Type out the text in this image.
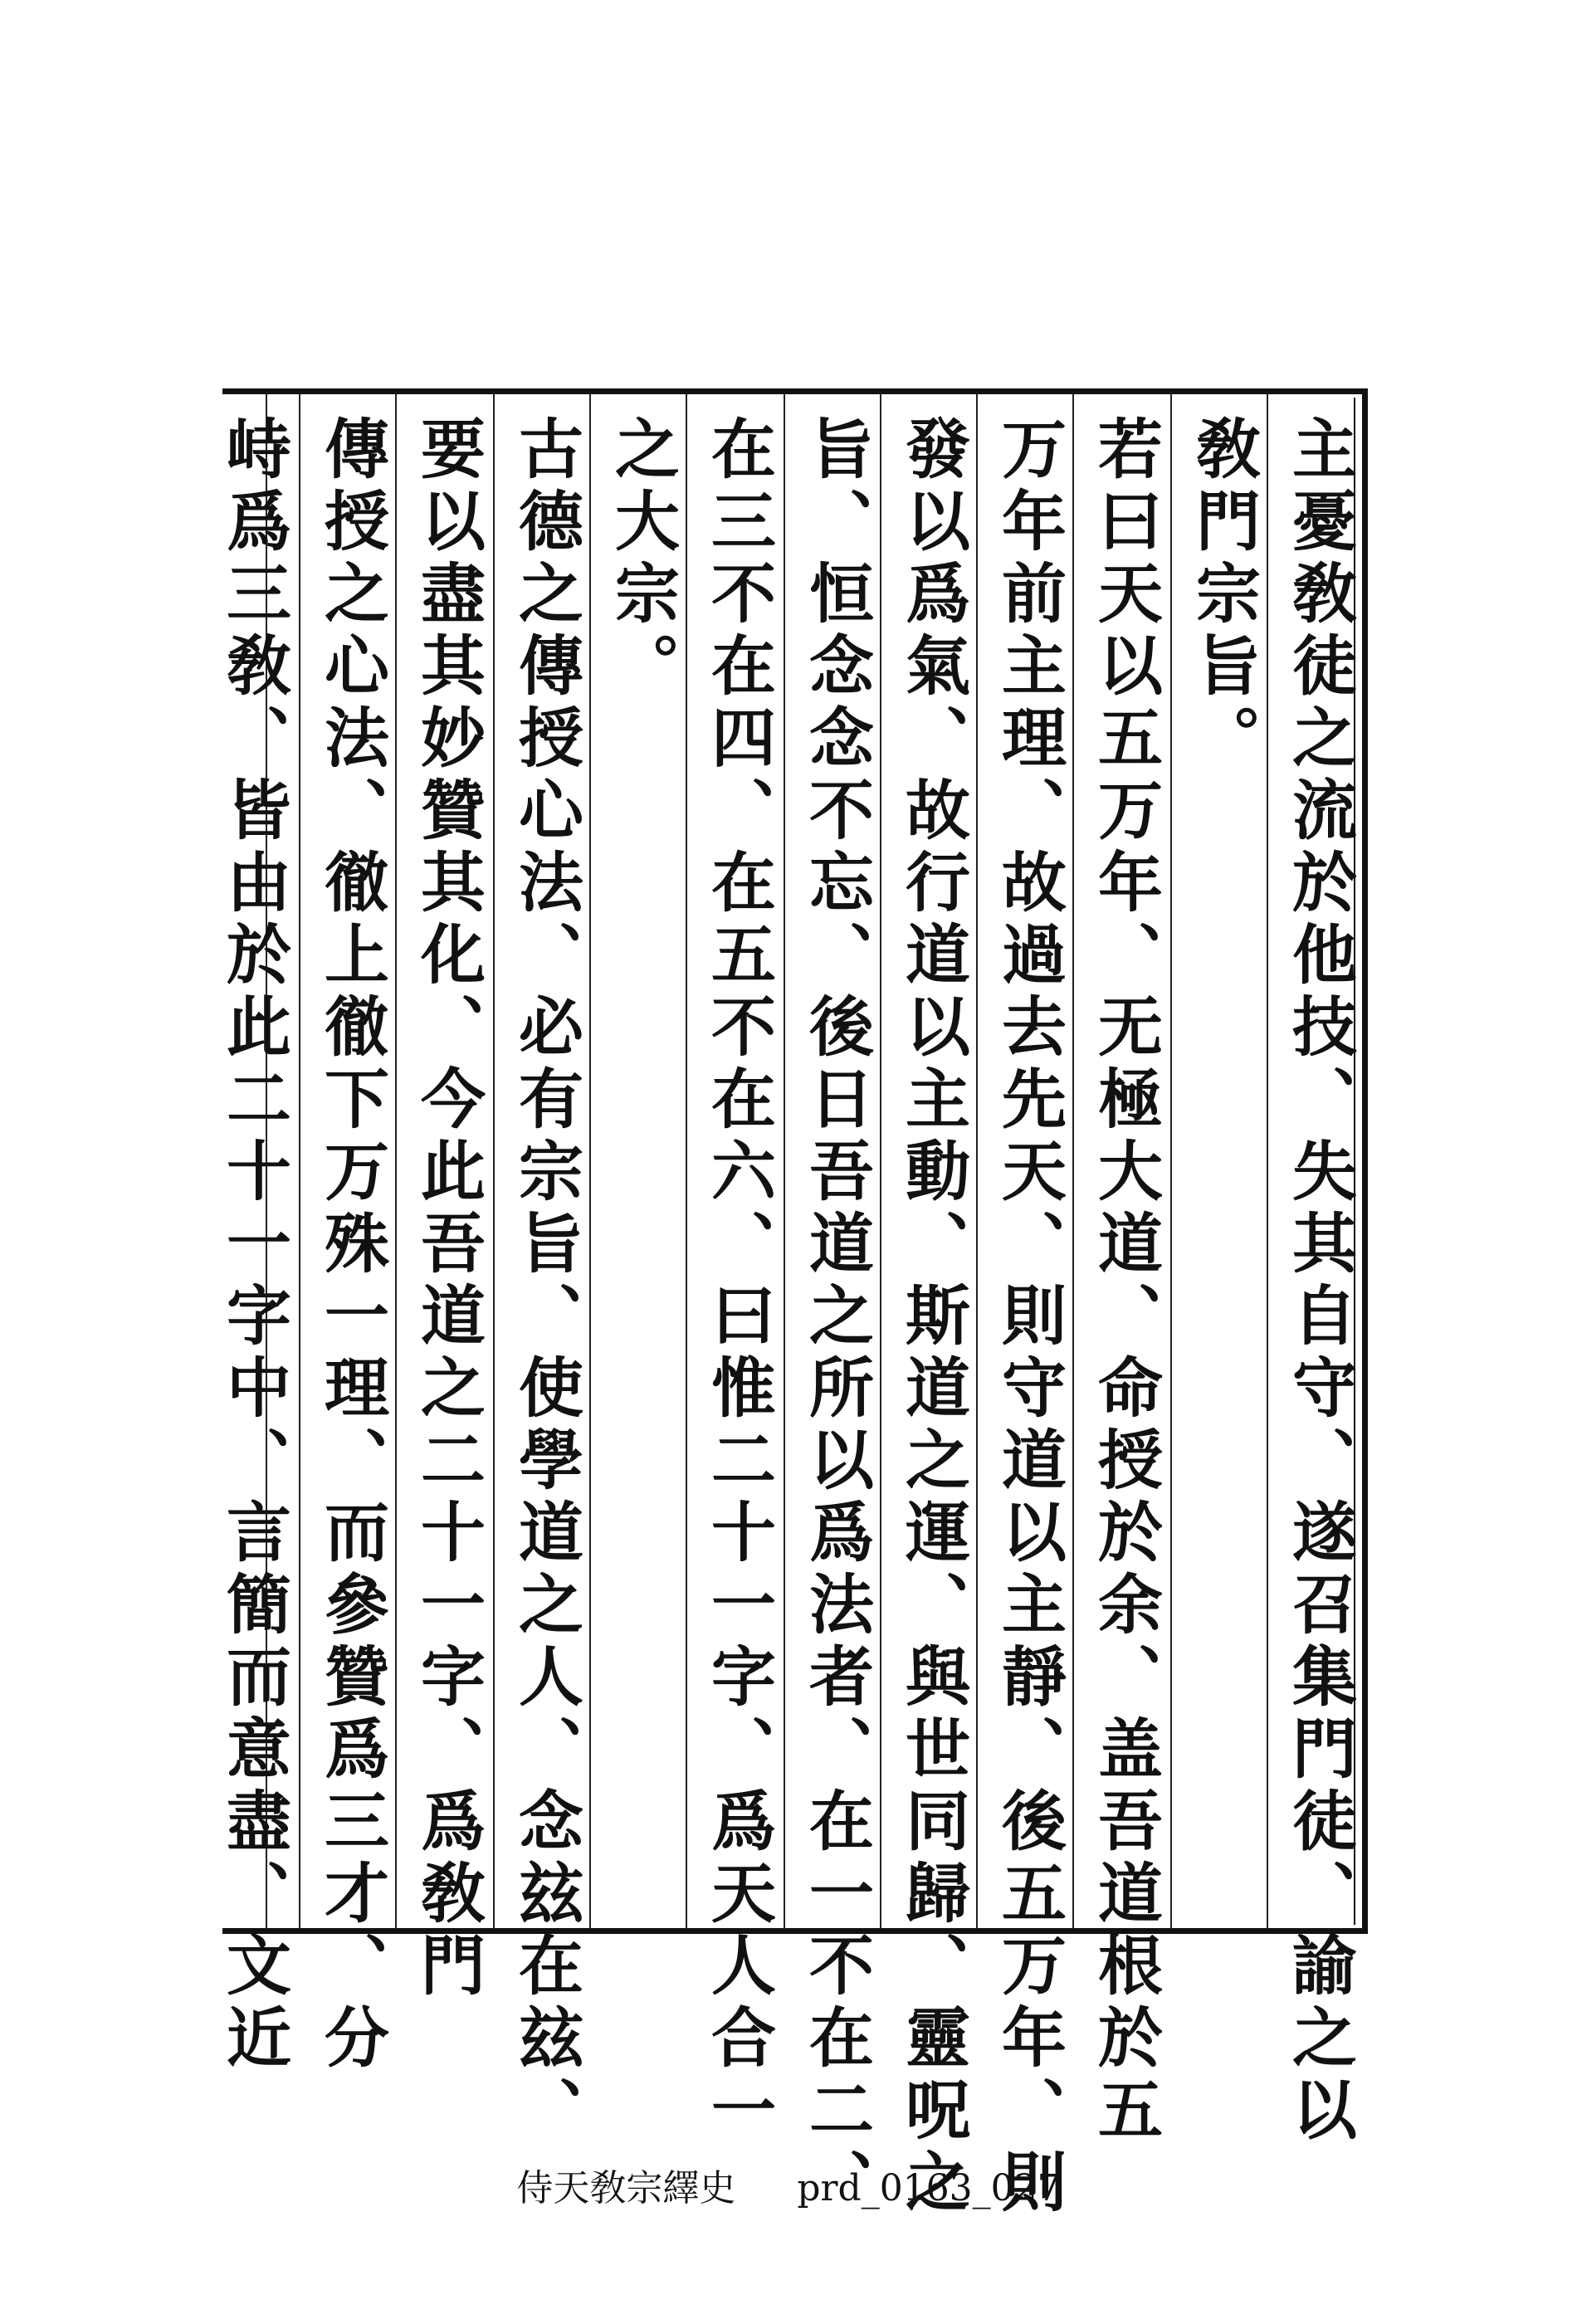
主憂敎徒之流於他技、失其自守、遂召集門徒、諭之以
敎門宗旨。
若曰天以五万年、无極大道、命授於余、盖吾道根於五
万年前主理、故過去先天、則守道以主靜、後五万年、則
發以爲氣、故行道以主動、斯道之運、與世同歸、靈呪之
旨、恒念念不忘、後日吾道之所以爲法者、在一不在二、
在三不在四、在五不在六、曰惟二十一字、爲天人合一
之大宗。
古德之傳授心法、必有宗旨、使學道之人、念玆在玆、
要以盡其妙贊其化、今此吾道之二十一字、爲敎門
傳授之心法、徹上徹下万殊一理、而參贊爲三才、分
峙爲三敎、皆由於此二十一字中、言簡而意盡、文近
侍天敎宗繹史 prd_0163_027
